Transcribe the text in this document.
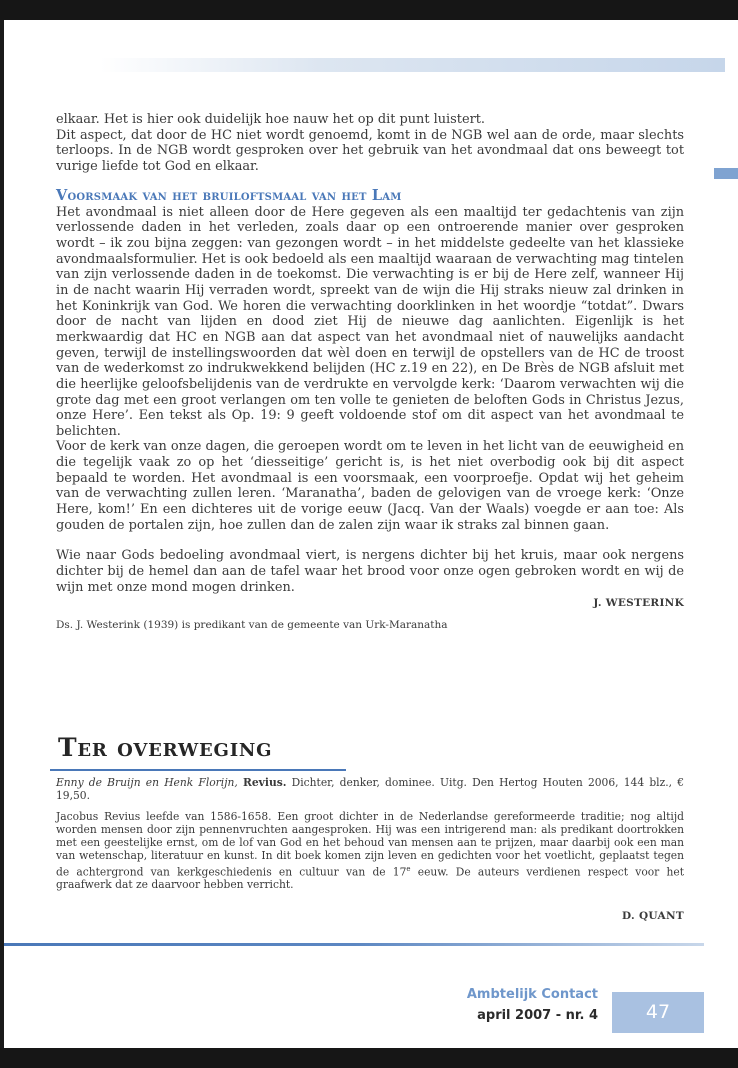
elkaar. Het is hier ook duidelijk hoe nauw het op dit punt luistert.

Dit aspect, dat door de HC niet wordt genoemd, komt in de NGB wel aan de orde, maar slechts terloops. In de NGB wordt gesproken over het gebruik van het avondmaal dat ons beweegt tot vurige liefde tot God en elkaar.

Voorsmaak van het bruiloftsmaal van het Lam

Het avondmaal is niet alleen door de Here gegeven als een maaltijd ter gedachtenis van zijn verlossende daden in het verleden, zoals daar op een ontroerende manier over gesproken wordt – ik zou bijna zeggen: van gezongen wordt – in het middelste gedeelte van het klassieke avondmaalsformulier. Het is ook bedoeld als een maaltijd waaraan de verwachting mag tintelen van zijn verlossende daden in de toekomst. Die verwachting is er bij de Here zelf, wanneer Hij in de nacht waarin Hij verraden wordt, spreekt van de wijn die Hij straks nieuw zal drinken in het Koninkrijk van God. We horen die verwachting doorklinken in het woordje “totdat”. Dwars door de nacht van lijden en dood ziet Hij de nieuwe dag aanlichten. Eigenlijk is het merkwaardig dat HC en NGB aan dat aspect van het avondmaal niet of nauwelijks aandacht geven, terwijl de instellingswoorden dat wèl doen en terwijl de opstellers van de HC de troost van de wederkomst zo indrukwekkend belijden (HC z.19 en 22), en De Brès de NGB afsluit met die heerlijke geloofsbelijdenis van de verdrukte en vervolgde kerk: ‘Daarom verwachten wij die grote dag met een groot verlangen om ten volle te genieten de beloften Gods in Christus Jezus, onze Here’. Een tekst als Op. 19: 9 geeft voldoende stof om dit aspect van het avondmaal te belichten.

Voor de kerk van onze dagen, die geroepen wordt om te leven in het licht van de eeuwigheid en die tegelijk vaak zo op het ‘diesseitige’ gericht is, is het niet overbodig ook bij dit aspect bepaald te worden. Het avondmaal is een voorsmaak, een voorproefje. Opdat wij het geheim van de verwachting zullen leren. ‘Maranatha’, baden de gelovigen van de vroege kerk: ‘Onze Here, kom!’ En een dichteres uit de vorige eeuw (Jacq. Van der Waals) voegde er aan toe: Als gouden de portalen zijn, hoe zullen dan de zalen zijn waar ik straks zal binnen gaan.

Wie naar Gods bedoeling avondmaal viert, is nergens dichter bij het kruis, maar ook nergens dichter bij de hemel dan aan de tafel waar het brood voor onze ogen gebroken wordt en wij de wijn met onze mond mogen drinken.

J. WESTERINK

Ds. J. Westerink (1939) is predikant van de gemeente van Urk-Maranatha

Ter overweging

Enny de Bruijn en Henk Florijn, Revius. Dichter, denker, dominee. Uitg. Den Hertog Houten 2006, 144 blz., € 19,50.

Jacobus Revius leefde van 1586-1658. Een groot dichter in de Nederlandse gereformeerde traditie; nog altijd worden mensen door zijn pennenvruchten aangesproken. Hij was een intrigerend man: als predikant doortrokken met een geestelijke ernst, om de lof van God en het behoud van mensen aan te prijzen, maar daarbij ook een man van wetenschap, literatuur en kunst. In dit boek komen zijn leven en gedichten voor het voetlicht, geplaatst tegen de achtergrond van kerkgeschiedenis en cultuur van de 17e eeuw. De auteurs verdienen respect voor het graafwerk dat ze daarvoor hebben verricht.

D. QUANT

Ambtelijk Contact

april 2007 - nr. 4	47
